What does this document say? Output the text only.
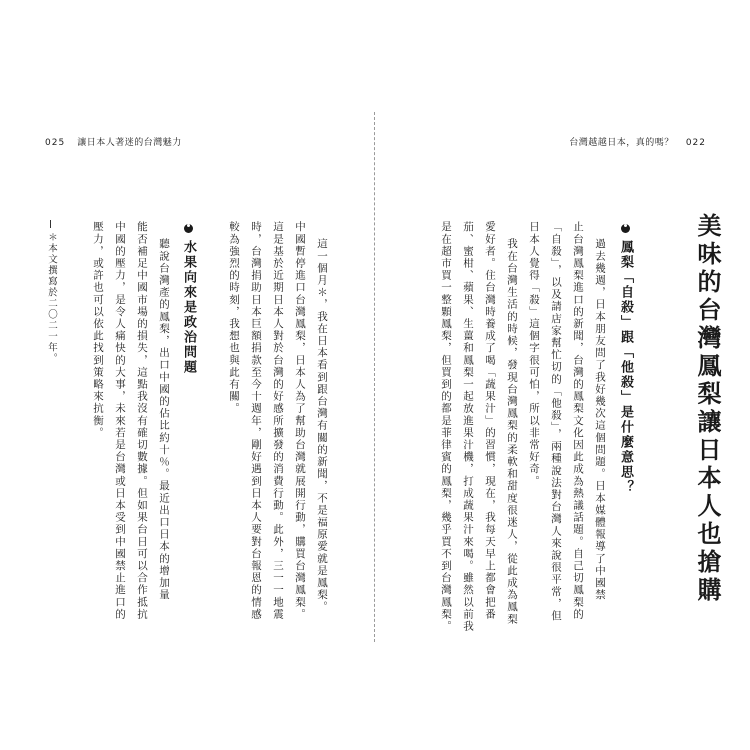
025 讓日本人著迷的台灣魅力	台灣越越日本，真的嗎？ 022
美味的台灣鳳梨讓日本人也搶購
鳳梨「自殺」跟「他殺」是什麼意思？
過去幾週，日本朋友問了我好幾次這個問題。日本媒體報導了中國禁
止台灣鳳梨進口的新聞，台灣的鳳梨文化因此成為熱議話題。自己切鳳梨的
「自殺」，以及請店家幫忙切的「他殺」，兩種說法對台灣人來說很平常，但
日本人覺得「殺」這個字很可怕，所以非常好奇。
我在台灣生活的時候，發現台灣鳳梨的柔軟和甜度很迷人，從此成為鳳梨
愛好者。住台灣時養成了喝「蔬果汁」的習慣，現在，我每天早上都會把番
茄、蜜柑、蘋果、生薑和鳳梨一起放進果汁機，打成蔬果汁來喝。雖然以前我
是在超市買一整顆鳳梨，但買到的都是菲律賓的鳳梨，幾乎買不到台灣鳳梨。
這一個月＊，我在日本看到跟台灣有關的新聞，不是福原愛就是鳳梨。
中國暫停進口台灣鳳梨，日本人為了幫助台灣就展開行動，購買台灣鳳梨。
這是基於近期日本人對於台灣的好感所擴發的消費行動。此外，三一一地震
時，台灣捐助日本巨額捐款至今十週年，剛好遇到日本人要對台報恩的情感
較為強烈的時刻，我想也與此有關。
水果向來是政治問題
聽說台灣產的鳳梨，出口中國的佔比約十％。最近出口日本的增加量
能否補足中國市場的損失，這點我沒有確切數據。但如果台日可以合作抵抗
中國的壓力，是令人痛快的大事，未來若是台灣或日本受到中國禁止進口的
壓力，或許也可以依此找到策略來抗衡。
＊本文撰寫於二〇二一年。
